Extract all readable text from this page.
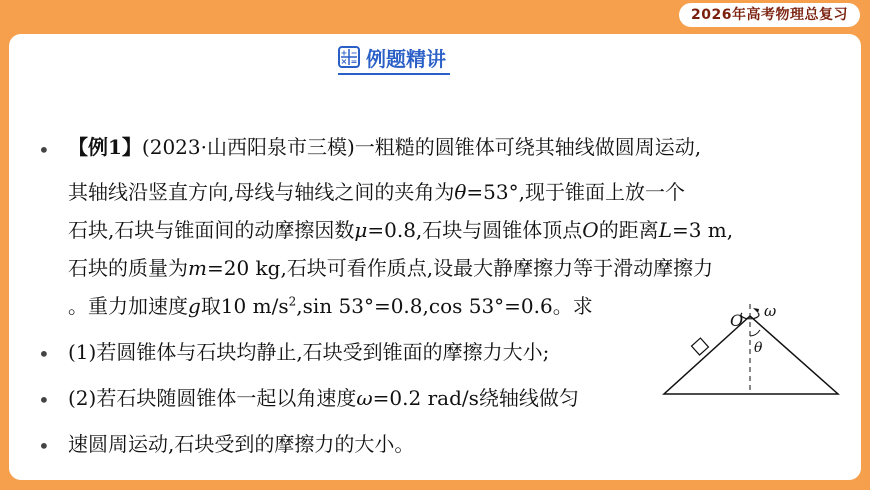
2026年高考物理总复习
+ −
× = 例题精讲
•
•
•
•
【例1】(2023·山西阳泉市三模)一粗糙的圆锥体可绕其轴线做圆周运动,
其轴线沿竖直方向,母线与轴线之间的夹角为θ=53°,现于锥面上放一个
石块,石块与锥面间的动摩擦因数μ=0.8,石块与圆锥体顶点O的距离L=3 m,
石块的质量为m=20 kg,石块可看作质点,设最大静摩擦力等于滑动摩擦力
。重力加速度g取10 $m/s^2,\sin$ 53°=0.8,cos 53°=0.6。求
(1)若圆锥体与石块均静止,石块受到锥面的摩擦力大小;
(2)若石块随圆锥体一起以角速度ω=0.2 rad/s绕轴线做匀
速圆周运动,石块受到的摩擦力的大小。
O ω
θ
